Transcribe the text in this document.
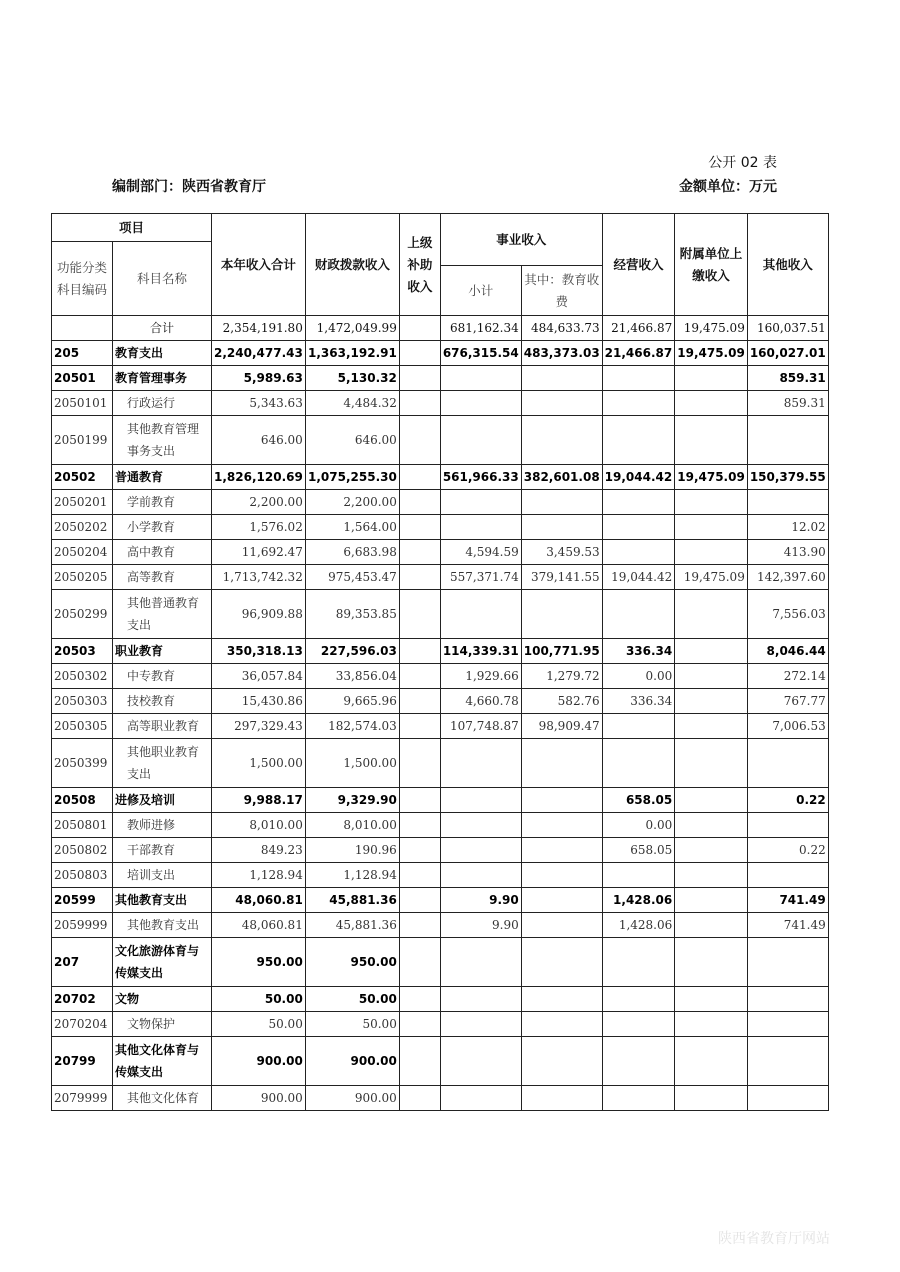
公开 02 表
编制部门：陕西省教育厅	金额单位：万元
项目		本年收入合计	财政拨款收入	上级补助收入	事业收入		经营收入	附属单位上缴收入	其他收入
功能分类科目编码	科目名称								
					小计	其中：教育收费			
	合计	2,354,191.80	1,472,049.99		681,162.34	484,633.73	21,466.87	19,475.09	160,037.51
205	教育支出	2,240,477.43	1,363,192.91		676,315.54	483,373.03	21,466.87	19,475.09	160,027.01
20501	教育管理事务	5,989.63	5,130.32						859.31
2050101	行政运行	5,343.63	4,484.32						859.31
2050199	其他教育管理事务支出	646.00	646.00						
20502	普通教育	1,826,120.69	1,075,255.30		561,966.33	382,601.08	19,044.42	19,475.09	150,379.55
2050201	学前教育	2,200.00	2,200.00						
2050202	小学教育	1,576.02	1,564.00						12.02
2050204	高中教育	11,692.47	6,683.98		4,594.59	3,459.53			413.90
2050205	高等教育	1,713,742.32	975,453.47		557,371.74	379,141.55	19,044.42	19,475.09	142,397.60
2050299	其他普通教育支出	96,909.88	89,353.85						7,556.03
20503	职业教育	350,318.13	227,596.03		114,339.31	100,771.95	336.34		8,046.44
2050302	中专教育	36,057.84	33,856.04		1,929.66	1,279.72	0.00		272.14
2050303	技校教育	15,430.86	9,665.96		4,660.78	582.76	336.34		767.77
2050305	高等职业教育	297,329.43	182,574.03		107,748.87	98,909.47			7,006.53
2050399	其他职业教育支出	1,500.00	1,500.00						
20508	进修及培训	9,988.17	9,329.90				658.05		0.22
2050801	教师进修	8,010.00	8,010.00				0.00		
2050802	干部教育	849.23	190.96				658.05		0.22
2050803	培训支出	1,128.94	1,128.94						
20599	其他教育支出	48,060.81	45,881.36		9.90		1,428.06		741.49
2059999	其他教育支出	48,060.81	45,881.36		9.90		1,428.06		741.49
207	文化旅游体育与传媒支出	950.00	950.00						
20702	文物	50.00	50.00						
2070204	文物保护	50.00	50.00						
20799	其他文化体育与传媒支出	900.00	900.00						
2079999	其他文化体育	900.00	900.00						
陕西省教育厅网站
